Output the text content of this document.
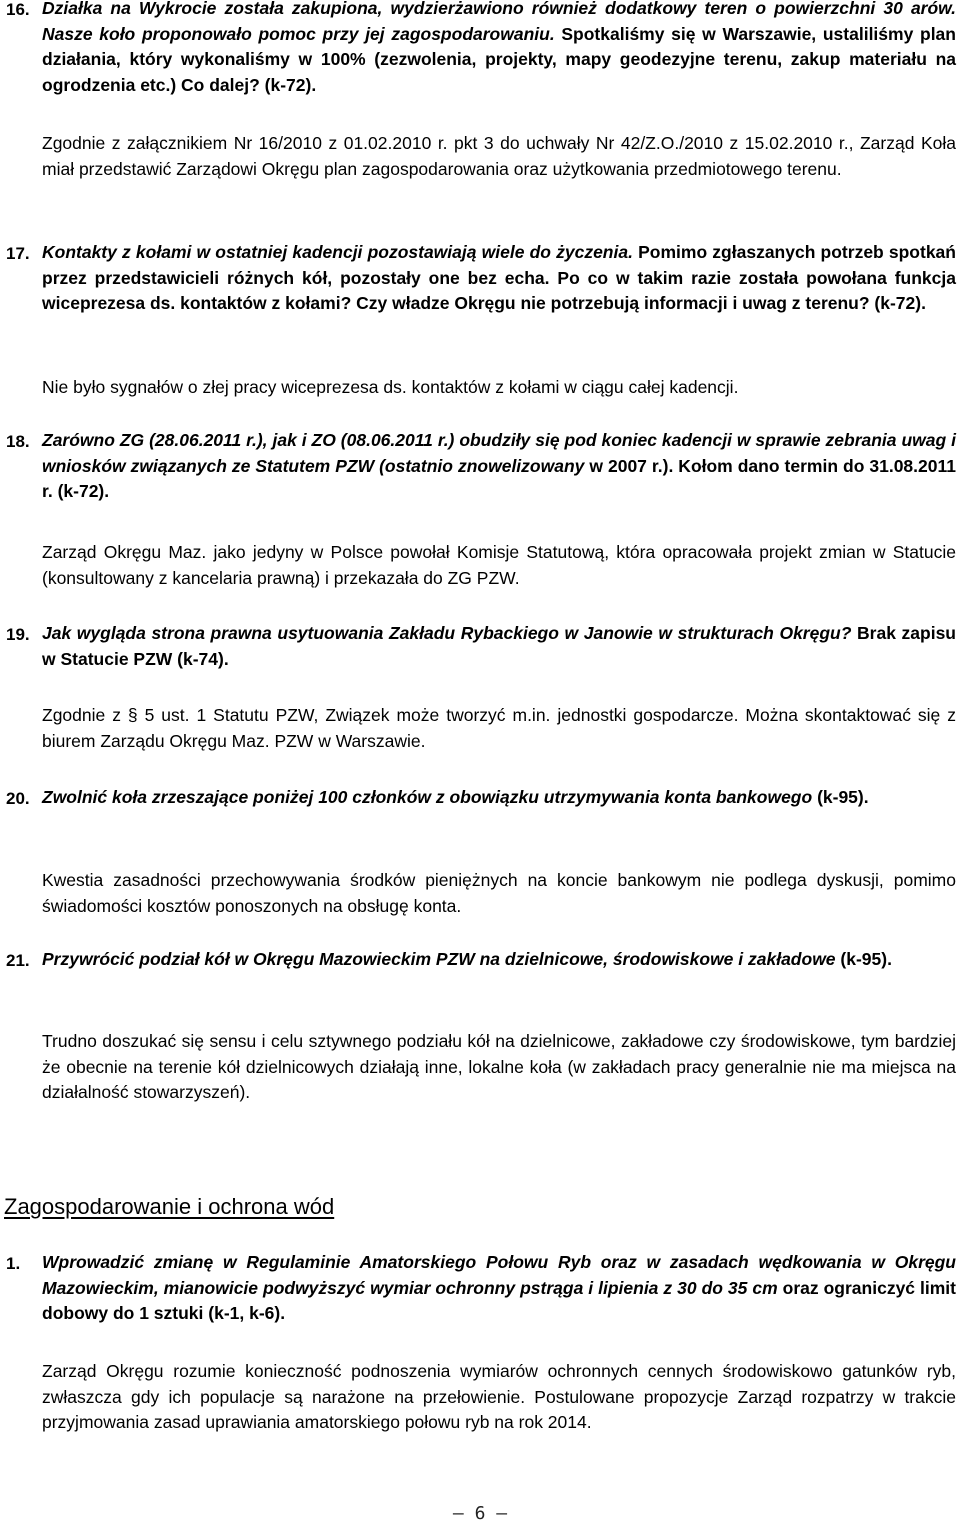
16. Działka na Wykrocie została zakupiona, wydzierżawiono również dodatkowy teren o powierzchni 30 arów. Nasze koło proponowało pomoc przy jej zagospodarowaniu. Spotkaliśmy się w Warszawie, ustaliliśmy plan działania, który wykonaliśmy w 100% (zezwolenia, projekty, mapy geodezyjne terenu, zakup materiału na ogrodzenia etc.) Co dalej? (k-72).
Zgodnie z załącznikiem Nr 16/2010 z 01.02.2010 r. pkt 3 do uchwały Nr 42/Z.O./2010 z 15.02.2010 r., Zarząd Koła miał przedstawić Zarządowi Okręgu plan zagospodarowania oraz użytkowania przedmiotowego terenu.
17. Kontakty z kołami w ostatniej kadencji pozostawiają wiele do życzenia. Pomimo zgłaszanych potrzeb spotkań przez przedstawicieli różnych kół, pozostały one bez echa. Po co w takim razie została powołana funkcja wiceprezesa ds. kontaktów z kołami? Czy władze Okręgu nie potrzebują informacji i uwag z terenu? (k-72).
Nie było sygnałów o złej pracy wiceprezesa ds. kontaktów z kołami w ciągu całej kadencji.
18. Zarówno ZG (28.06.2011 r.), jak i ZO (08.06.2011 r.) obudziły się pod koniec kadencji w sprawie zebrania uwag i wniosków związanych ze Statutem PZW (ostatnio znowelizowany w 2007 r.). Kołom dano termin do 31.08.2011 r. (k-72).
Zarząd Okręgu Maz. jako jedyny w Polsce powołał Komisje Statutową, która opracowała projekt zmian w Statucie (konsultowany z kancelaria prawną) i przekazała do ZG PZW.
19. Jak wygląda strona prawna usytuowania Zakładu Rybackiego w Janowie w strukturach Okręgu? Brak zapisu w Statucie PZW (k-74).
Zgodnie z § 5 ust. 1 Statutu PZW, Związek może tworzyć m.in. jednostki gospodarcze. Można skontaktować się z biurem Zarządu Okręgu Maz. PZW w Warszawie.
20. Zwolnić koła zrzeszające poniżej 100 członków z obowiązku utrzymywania konta bankowego (k-95).
Kwestia zasadności przechowywania środków pieniężnych na koncie bankowym nie podlega dyskusji, pomimo świadomości kosztów ponoszonych na obsługę konta.
21. Przywrócić podział kół w Okręgu Mazowieckim PZW na dzielnicowe, środowiskowe i zakładowe (k-95).
Trudno doszukać się sensu i celu sztywnego podziału kół na dzielnicowe, zakładowe czy środowiskowe, tym bardziej że obecnie na terenie kół dzielnicowych działają inne, lokalne koła (w zakładach pracy generalnie nie ma miejsca na działalność stowarzyszeń).
Zagospodarowanie i ochrona wód
1. Wprowadzić zmianę w Regulaminie Amatorskiego Połowu Ryb oraz w zasadach wędkowania w Okręgu Mazowieckim, mianowicie podwyższyć wymiar ochronny pstrąga i lipienia z 30 do 35 cm oraz ograniczyć limit dobowy do 1 sztuki (k-1, k-6).
Zarząd Okręgu rozumie konieczność podnoszenia wymiarów ochronnych cennych środowiskowo gatunków ryb, zwłaszcza gdy ich populacje są narażone na przełowienie. Postulowane propozycje Zarząd rozpatrzy w trakcie przyjmowania zasad uprawiania amatorskiego połowu ryb na rok 2014.
– 6 –
